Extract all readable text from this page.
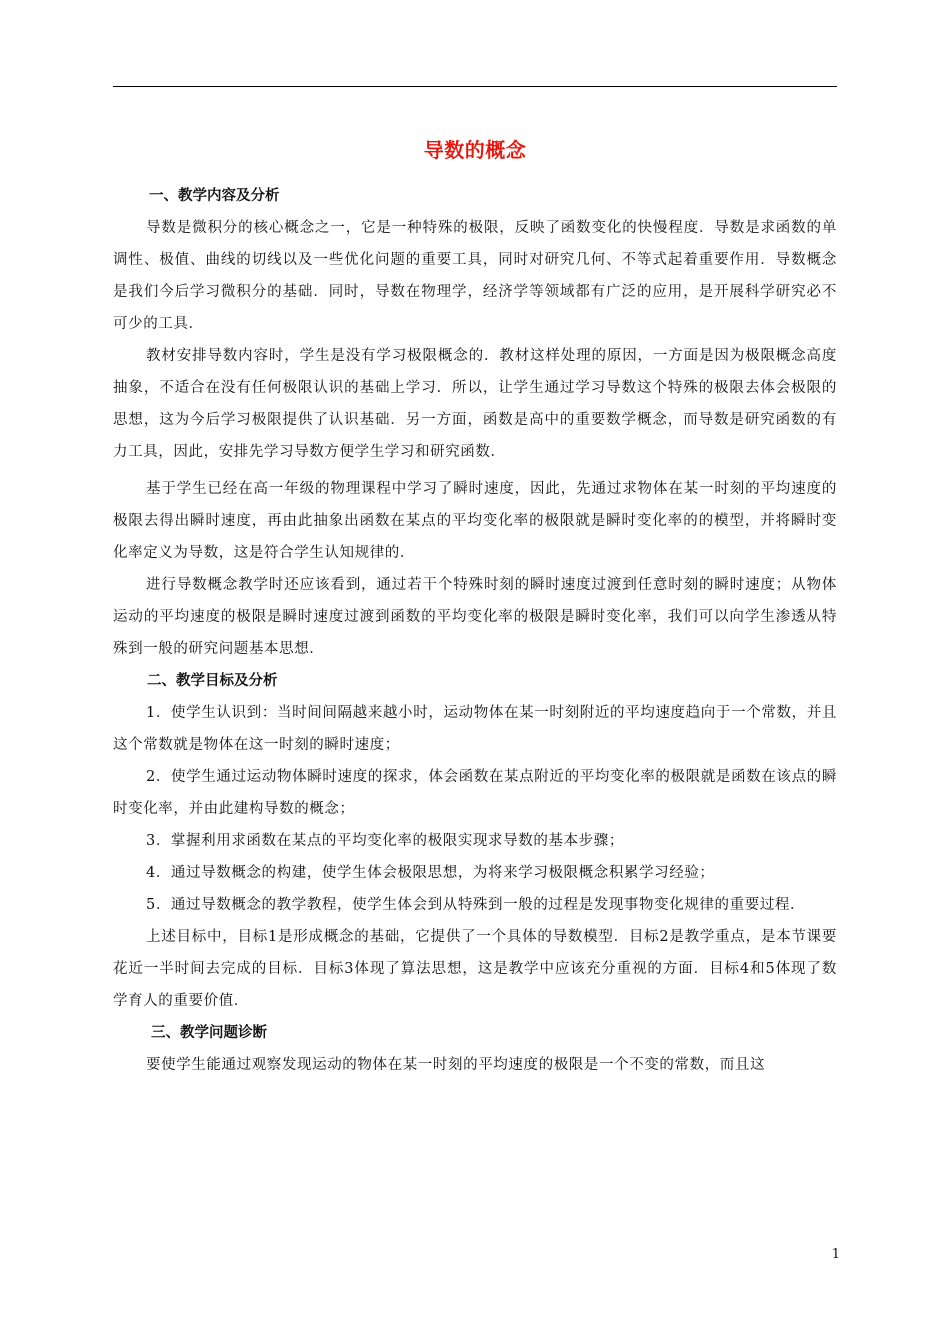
导数的概念
一、教学内容及分析

导数是微积分的核心概念之一，它是一种特殊的极限，反映了函数变化的快慢程度．导数是求函数的单调性、极值、曲线的切线以及一些优化问题的重要工具，同时对研究几何、不等式起着重要作用．导数概念是我们今后学习微积分的基础．同时，导数在物理学，经济学等领域都有广泛的应用，是开展科学研究必不可少的工具．

教材安排导数内容时，学生是没有学习极限概念的．教材这样处理的原因，一方面是因为极限概念高度抽象，不适合在没有任何极限认识的基础上学习．所以，让学生通过学习导数这个特殊的极限去体会极限的思想，这为今后学习极限提供了认识基础．另一方面，函数是高中的重要数学概念，而导数是研究函数的有力工具，因此，安排先学习导数方便学生学习和研究函数．

基于学生已经在高一年级的物理课程中学习了瞬时速度，因此，先通过求物体在某一时刻的平均速度的极限去得出瞬时速度，再由此抽象出函数在某点的平均变化率的极限就是瞬时变化率的的模型，并将瞬时变化率定义为导数，这是符合学生认知规律的．

进行导数概念教学时还应该看到，通过若干个特殊时刻的瞬时速度过渡到任意时刻的瞬时速度；从物体运动的平均速度的极限是瞬时速度过渡到函数的平均变化率的极限是瞬时变化率，我们可以向学生渗透从特殊到一般的研究问题基本思想．

二、教学目标及分析

1．使学生认识到：当时间间隔越来越小时，运动物体在某一时刻附近的平均速度趋向于一个常数，并且这个常数就是物体在这一时刻的瞬时速度；

2．使学生通过运动物体瞬时速度的探求，体会函数在某点附近的平均变化率的极限就是函数在该点的瞬时变化率，并由此建构导数的概念；

3．掌握利用求函数在某点的平均变化率的极限实现求导数的基本步骤；

4．通过导数概念的构建，使学生体会极限思想，为将来学习极限概念积累学习经验；

5．通过导数概念的教学教程，使学生体会到从特殊到一般的过程是发现事物变化规律的重要过程．

上述目标中，目标1是形成概念的基础，它提供了一个具体的导数模型．目标2是教学重点，是本节课要花近一半时间去完成的目标．目标3体现了算法思想，这是教学中应该充分重视的方面．目标4和5体现了数学育人的重要价值．

三、教学问题诊断

要使学生能通过观察发现运动的物体在某一时刻的平均速度的极限是一个不变的常数，而且这

1
